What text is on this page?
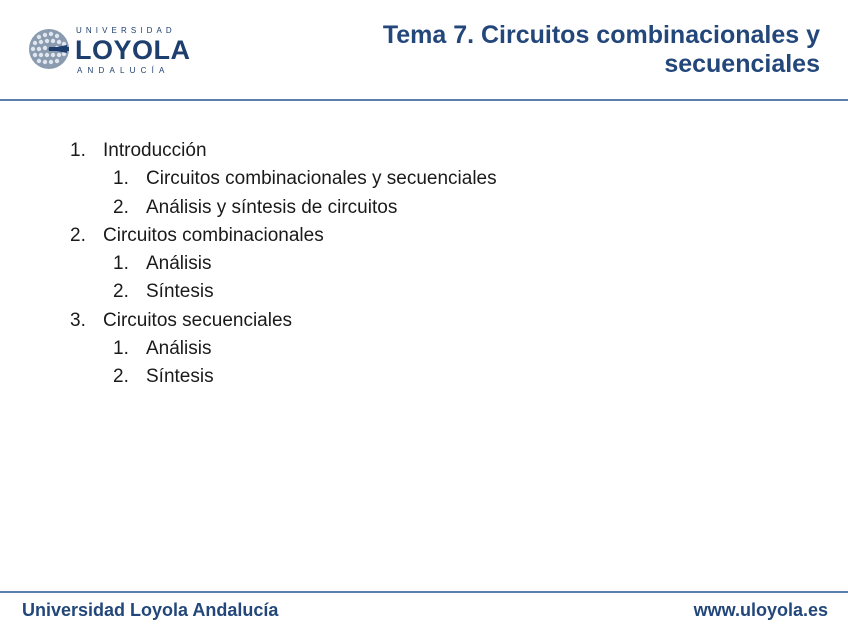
UNIVERSIDAD
LOYOLA
ANDALUCÍA
Tema 7. Circuitos combinacionales y secuenciales
1. Introducción
1. Circuitos combinacionales y secuenciales
2. Análisis y síntesis de circuitos
2. Circuitos combinacionales
1. Análisis
2. Síntesis
3. Circuitos secuenciales
1. Análisis
2. Síntesis
Universidad Loyola Andalucía	www.uloyola.es
